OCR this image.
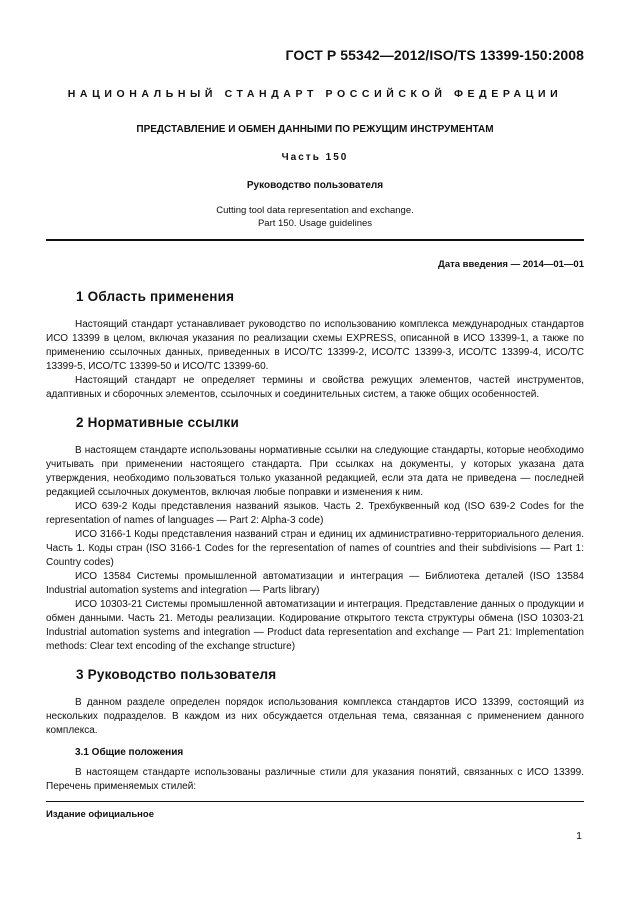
ГОСТ Р 55342—2012/ISO/TS 13399-150:2008
НАЦИОНАЛЬНЫЙ СТАНДАРТ РОССИЙСКОЙ ФЕДЕРАЦИИ
ПРЕДСТАВЛЕНИЕ И ОБМЕН ДАННЫМИ ПО РЕЖУЩИМ ИНСТРУМЕНТАМ
Часть 150
Руководство пользователя
Cutting tool data representation and exchange.
Part 150. Usage guidelines
Дата введения — 2014—01—01
1 Область применения

Настоящий стандарт устанавливает руководство по использованию комплекса международных стандартов ИСО 13399 в целом, включая указания по реализации схемы EXPRESS, описанной в ИСО 13399-1, а также по применению ссылочных данных, приведенных в ИСО/ТС 13399-2, ИСО/ТС 13399-3, ИСО/ТС 13399-4, ИСО/ТС 13399-5, ИСО/ТС 13399-50 и ИСО/ТС 13399-60.

Настоящий стандарт не определяет термины и свойства режущих элементов, частей инструментов, адаптивных и сборочных элементов, ссылочных и соединительных систем, а также общих особенностей.

2 Нормативные ссылки

В настоящем стандарте использованы нормативные ссылки на следующие стандарты, которые необходимо учитывать при применении настоящего стандарта. При ссылках на документы, у которых указана дата утверждения, необходимо пользоваться только указанной редакцией, если эта дата не приведена — последней редакцией ссылочных документов, включая любые поправки и изменения к ним.

ИСО 639-2 Коды представления названий языков. Часть 2. Трехбуквенный код (ISO 639-2 Codes for the representation of names of languages — Part 2: Alpha-3 code)

ИСО 3166-1 Коды представления названий стран и единиц их административно-территориального деления. Часть 1. Коды стран (ISO 3166-1 Codes for the representation of names of countries and their subdivisions — Part 1: Country codes)

ИСО 13584 Системы промышленной автоматизации и интеграция — Библиотека деталей (ISO 13584 Industrial automation systems and integration — Parts library)

ИСО 10303-21 Системы промышленной автоматизации и интеграция. Представление данных о продукции и обмен данными. Часть 21. Методы реализации. Кодирование открытого текста структуры обмена (ISO 10303-21 Industrial automation systems and integration — Product data representation and exchange — Part 21: Implementation methods: Clear text encoding of the exchange structure)

3 Руководство пользователя

В данном разделе определен порядок использования комплекса стандартов ИСО 13399, состоящий из нескольких подразделов. В каждом из них обсуждается отдельная тема, связанная с применением данного комплекса.

3.1 Общие положения

В настоящем стандарте использованы различные стили для указания понятий, связанных с ИСО 13399. Перечень применяемых стилей:

Издание официальное
1
